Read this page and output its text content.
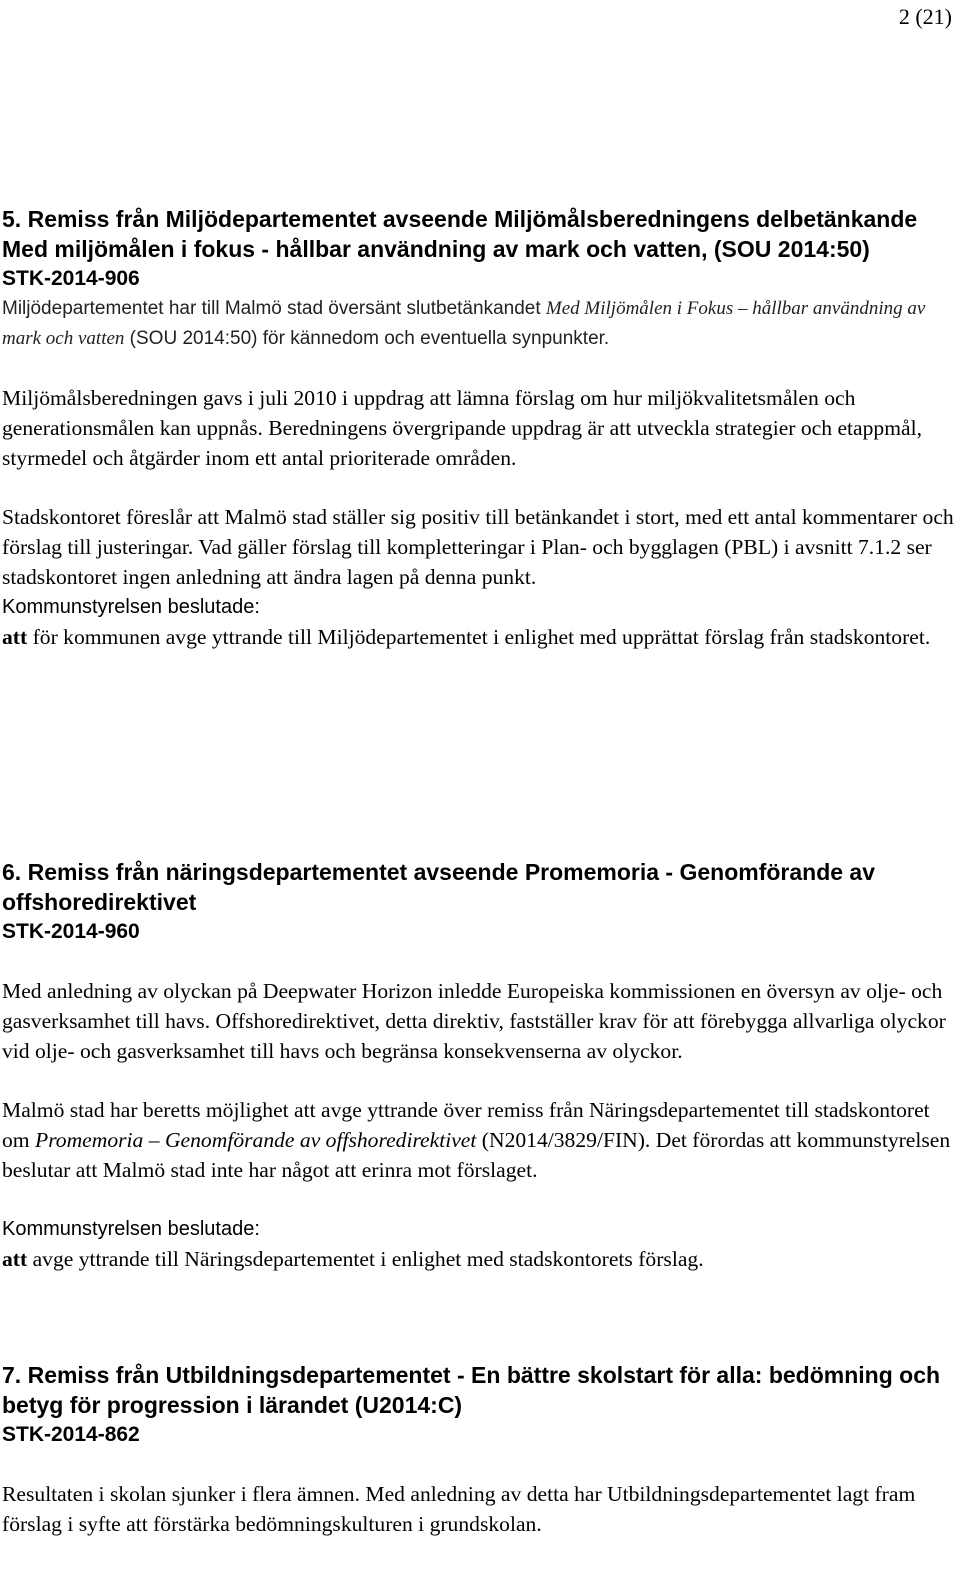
2 (21)
5. Remiss från Miljödepartementet avseende Miljömålsberedningens delbetänkande Med miljömålen i fokus - hållbar användning av mark och vatten, (SOU 2014:50)
STK-2014-906

Miljödepartementet har till Malmö stad översänt slutbetänkandet Med Miljömålen i Fokus – hållbar användning av mark och vatten (SOU 2014:50) för kännedom och eventuella synpunkter.

Miljömålsberedningen gavs i juli 2010 i uppdrag att lämna förslag om hur miljökvalitetsmålen och generationsmålen kan uppnås. Beredningens övergripande uppdrag är att utveckla strategier och etappmål, styrmedel och åtgärder inom ett antal prioriterade områden.

Stadskontoret föreslår att Malmö stad ställer sig positiv till betänkandet i stort, med ett antal kommentarer och förslag till justeringar. Vad gäller förslag till kompletteringar i Plan- och bygglagen (PBL) i avsnitt 7.1.2 ser stadskontoret ingen anledning att ändra lagen på denna punkt.

Kommunstyrelsen beslutade:

att för kommunen avge yttrande till Miljödepartementet i enlighet med upprättat förslag från stadskontoret.

6. Remiss från näringsdepartementet avseende Promemoria - Genomförande av offshoredirektivet
STK-2014-960

Med anledning av olyckan på Deepwater Horizon inledde Europeiska kommissionen en översyn av olje- och gasverksamhet till havs. Offshoredirektivet, detta direktiv, fastställer krav för att förebygga allvarliga olyckor vid olje- och gasverksamhet till havs och begränsa konsekvenserna av olyckor.

Malmö stad har beretts möjlighet att avge yttrande över remiss från Näringsdepartementet till stadskontoret om Promemoria – Genomförande av offshoredirektivet (N2014/3829/FIN). Det förordas att kommunstyrelsen beslutar att Malmö stad inte har något att erinra mot förslaget.

Kommunstyrelsen beslutade:

att avge yttrande till Näringsdepartementet i enlighet med stadskontorets förslag.

7. Remiss från Utbildningsdepartementet - En bättre skolstart för alla: bedömning och betyg för progression i lärandet (U2014:C)
STK-2014-862

Resultaten i skolan sjunker i flera ämnen. Med anledning av detta har Utbildningsdepartementet lagt fram förslag i syfte att förstärka bedömningskulturen i grundskolan.
